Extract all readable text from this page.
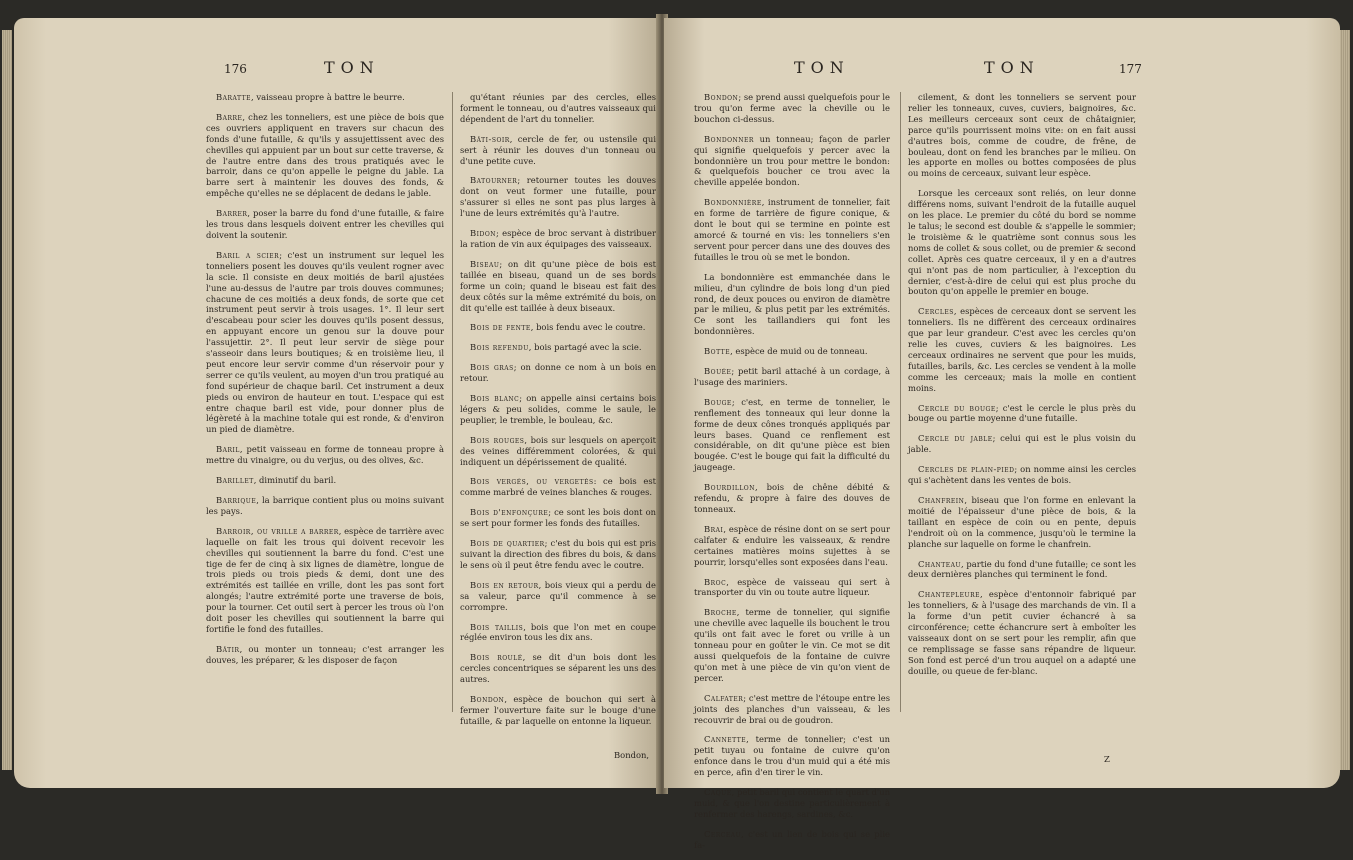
176	TON

Baratte, vaisseau propre à battre le beurre.

Barre, chez les tonneliers, est une pièce de bois que ces ouvriers appliquent en travers sur chacun des fonds d'une futaille, & qu'ils y assujettissent avec des chevilles qui appuient par un bout sur cette traverse, & de l'autre entre dans des trous pratiqués avec le barroir, dans ce qu'on appelle le peigne du jable. La barre sert à maintenir les douves des fonds, & empêche qu'elles ne se déplacent de dedans le jable.

Barrer, poser la barre du fond d'une futaille, & faire les trous dans lesquels doivent entrer les chevilles qui doivent la soutenir.

Baril a scier; c'est un instrument sur lequel les tonneliers posent les douves qu'ils veulent rogner avec la scie. Il consiste en deux moitiés de baril ajustées l'une au-dessus de l'autre par trois douves communes; chacune de ces moitiés a deux fonds, de sorte que cet instrument peut servir à trois usages. 1°. Il leur sert d'escabeau pour scier les douves qu'ils posent dessus, en appuyant encore un genou sur la douve pour l'assujettir. 2°. Il peut leur servir de siège pour s'asseoir dans leurs boutiques; & en troisième lieu, il peut encore leur servir comme d'un réservoir pour y serrer ce qu'ils veulent, au moyen d'un trou pratiqué au fond supérieur de chaque baril. Cet instrument a deux pieds ou environ de hauteur en tout. L'espace qui est entre chaque baril est vide, pour donner plus de légèreté à la machine totale qui est ronde, & d'environ un pied de diamètre.

Baril, petit vaisseau en forme de tonneau propre à mettre du vinaigre, ou du verjus, ou des olives, &c.

Barillet, diminutif du baril.

Barrique, la barrique contient plus ou moins suivant les pays.

Barroir, ou vrille a barrer, espèce de tarrière avec laquelle on fait les trous qui doivent recevoir les chevilles qui soutiennent la barre du fond. C'est une tige de fer de cinq à six lignes de diamètre, longue de trois pieds ou trois pieds & demi, dont une des extrémités est taillée en vrille, dont les pas sont fort alongés; l'autre extrémité porte une traverse de bois, pour la tourner. Cet outil sert à percer les trous où l'on doit poser les chevilles qui soutiennent la barre qui fortifie le fond des futailles.

Bâtir, ou monter un tonneau; c'est arranger les douves, les préparer, & les disposer de façon

qu'étant réunies par des cercles, elles forment le tonneau, ou d'autres vaisseaux qui dépendent de l'art du tonnelier.

Bâti-soir, cercle de fer, ou ustensile qui sert à réunir les douves d'un tonneau ou d'une petite cuve.

Batourner; retourner toutes les douves dont on veut former une futaille, pour s'assurer si elles ne sont pas plus larges à l'une de leurs extrémités qu'à l'autre.

Bidon; espèce de broc servant à distribuer la ration de vin aux équipages des vaisseaux.

Biseau; on dit qu'une pièce de bois est taillée en biseau, quand un de ses bords forme un coin; quand le biseau est fait des deux côtés sur la même extrémité du bois, on dit qu'elle est taillée à deux biseaux.

Bois de fente, bois fendu avec le coutre.

Bois refendu, bois partagé avec la scie.

Bois gras; on donne ce nom à un bois en retour.

Bois blanc; on appelle ainsi certains bois légers & peu solides, comme le saule, le peuplier, le tremble, le bouleau, &c.

Bois rouges, bois sur lesquels on aperçoit des veines différemment colorées, & qui indiquent un dépérissement de qualité.

Bois vergés, ou vergetés: ce bois est comme marbré de veines blanches & rouges.

Bois d'enfonçure; ce sont les bois dont on se sert pour former les fonds des futailles.

Bois de quartier; c'est du bois qui est pris suivant la direction des fibres du bois, & dans le sens où il peut être fendu avec le coutre.

Bois en retour, bois vieux qui a perdu de sa valeur, parce qu'il commence à se corrompre.

Bois taillis, bois que l'on met en coupe réglée environ tous les dix ans.

Bois roulé, se dit d'un bois dont les cercles concentriques se séparent les uns des autres.

Bondon, espèce de bouchon qui sert à fermer l'ouverture faite sur le bouge d'une futaille, & par laquelle on entonne la liqueur.

Bondon,
TON	TON	177

Bondon; se prend aussi quelquefois pour le trou qu'on ferme avec la cheville ou le bouchon ci-dessus.

Bondonner un tonneau; façon de parler qui signifie quelquefois y percer avec la bondonnière un trou pour mettre le bondon: & quelquefois boucher ce trou avec la cheville appelée bondon.

Bondonnière, instrument de tonnelier, fait en forme de tarrière de figure conique, & dont le bout qui se termine en pointe est amorcé & tourné en vis: les tonneliers s'en servent pour percer dans une des douves des futailles le trou où se met le bondon.

La bondonnière est emmanchée dans le milieu, d'un cylindre de bois long d'un pied rond, de deux pouces ou environ de diamètre par le milieu, & plus petit par les extrémités. Ce sont les taillandiers qui font les bondonnières.

Botte, espèce de muid ou de tonneau.

Bouée; petit baril attaché à un cordage, à l'usage des mariniers.

Bouge; c'est, en terme de tonnelier, le renflement des tonneaux qui leur donne la forme de deux cônes tronqués appliqués par leurs bases. Quand ce renflement est considérable, on dit qu'une pièce est bien bougée. C'est le bouge qui fait la difficulté du jaugeage.

Bourdillon, bois de chêne débité & refendu, & propre à faire des douves de tonneaux.

Brai, espèce de résine dont on se sert pour calfater & enduire les vaisseaux, & rendre certaines matières moins sujettes à se pourrir, lorsqu'elles sont exposées dans l'eau.

Broc, espèce de vaisseau qui sert à transporter du vin ou toute autre liqueur.

Broche, terme de tonnelier, qui signifie une cheville avec laquelle ils bouchent le trou qu'ils ont fait avec le foret ou vrille à un tonneau pour en goûter le vin. Ce mot se dit aussi quelquefois de la fontaine de cuivre qu'on met à une pièce de vin qu'on vient de percer.

Calfater; c'est mettre de l'étoupe entre les joints des planches d'un vaisseau, & les recouvrir de brai ou de goudron.

Cannette, terme de tonnelier; c'est un petit tuyau ou fontaine de cuivre qu'on enfonce dans le trou d'un muid qui a été mis en perce, afin d'en tirer le vin.

Caque, petit baril qui contient le quart d'un muid, & que l'on destine particulièrement à renfermer des harengs, sardines, &c.

Cerceau, c'est un lien de bois qui se plie fa-

cilement, & dont les tonneliers se servent pour relier les tonneaux, cuves, cuviers, baignoires, &c. Les meilleurs cerceaux sont ceux de châtaignier, parce qu'ils pourrissent moins vite: on en fait aussi d'autres bois, comme de coudre, de frêne, de bouleau, dont on fend les branches par le milieu. On les apporte en molles ou bottes composées de plus ou moins de cerceaux, suivant leur espèce.

Lorsque les cerceaux sont reliés, on leur donne différens noms, suivant l'endroit de la futaille auquel on les place. Le premier du côté du bord se nomme le talus; le second est double & s'appelle le sommier; le troisième & le quatrième sont connus sous les noms de collet & sous collet, ou de premier & second collet. Après ces quatre cerceaux, il y en a d'autres qui n'ont pas de nom particulier, à l'exception du dernier, c'est-à-dire de celui qui est plus proche du bouton qu'on appelle le premier en bouge.

Cercles, espèces de cerceaux dont se servent les tonneliers. Ils ne diffèrent des cerceaux ordinaires que par leur grandeur. C'est avec les cercles qu'on relie les cuves, cuviers & les baignoires. Les cerceaux ordinaires ne servent que pour les muids, futailles, barils, &c. Les cercles se vendent à la molle comme les cerceaux; mais la molle en contient moins.

Cercle du bouge; c'est le cercle le plus près du bouge ou partie moyenne d'une futaille.

Cercle du jable; celui qui est le plus voisin du jable.

Cercles de plain-pied; on nomme ainsi les cercles qui s'achètent dans les ventes de bois.

Chanfrein, biseau que l'on forme en enlevant la moitié de l'épaisseur d'une pièce de bois, & la taillant en espèce de coin ou en pente, depuis l'endroit où on la commence, jusqu'où le termine la planche sur laquelle on forme le chanfrein.

Chanteau, partie du fond d'une futaille; ce sont les deux dernières planches qui terminent le fond.

Chantepleure, espèce d'entonnoir fabriqué par les tonneliers, & à l'usage des marchands de vin. Il a la forme d'un petit cuvier échancré à sa circonférence; cette échancrure sert à emboîter les vaisseaux dont on se sert pour les remplir, afin que ce remplissage se fasse sans répandre de liqueur. Son fond est percé d'un trou auquel on a adapté une douille, ou queue de fer-blanc.

Z
